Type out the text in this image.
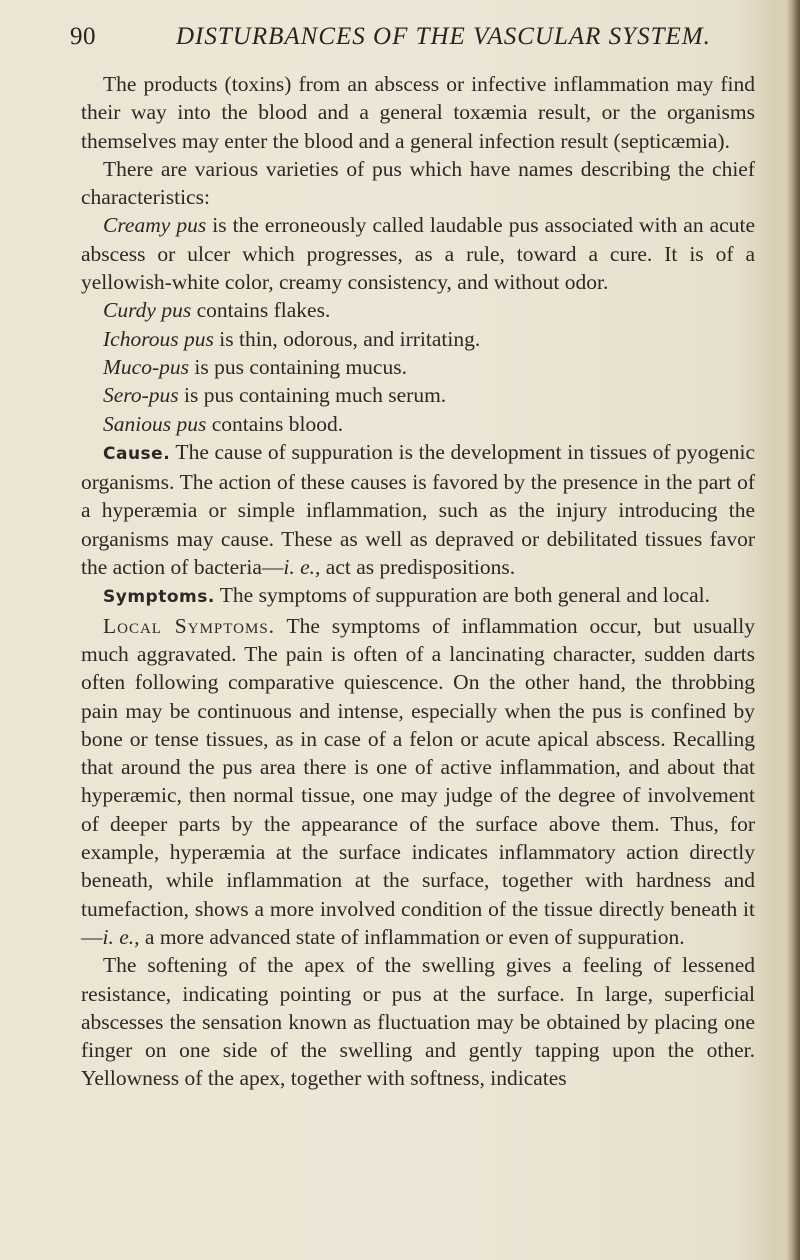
90	DISTURBANCES OF THE VASCULAR SYSTEM.

The products (toxins) from an abscess or infective inflammation may find their way into the blood and a general toxæmia result, or the organisms themselves may enter the blood and a general infection result (septicæmia).

There are various varieties of pus which have names describing the chief characteristics:

Creamy pus is the erroneously called laudable pus associated with an acute abscess or ulcer which progresses, as a rule, toward a cure. It is of a yellowish-white color, creamy consistency, and without odor.

Curdy pus contains flakes.

Ichorous pus is thin, odorous, and irritating.

Muco-pus is pus containing mucus.

Sero-pus is pus containing much serum.

Sanious pus contains blood.

Cause. The cause of suppuration is the development in tissues of pyogenic organisms. The action of these causes is favored by the presence in the part of a hyperæmia or simple inflammation, such as the injury introducing the organisms may cause. These as well as depraved or debilitated tissues favor the action of bacteria—i. e., act as predispositions.

Symptoms. The symptoms of suppuration are both general and local.

Local Symptoms. The symptoms of inflammation occur, but usually much aggravated. The pain is often of a lancinating character, sudden darts often following comparative quiescence. On the other hand, the throbbing pain may be continuous and intense, especially when the pus is confined by bone or tense tissues, as in case of a felon or acute apical abscess. Recalling that around the pus area there is one of active inflammation, and about that hyperæmic, then normal tissue, one may judge of the degree of involvement of deeper parts by the appearance of the surface above them. Thus, for example, hyperæmia at the surface indicates inflammatory action directly beneath, while inflammation at the surface, together with hardness and tumefaction, shows a more involved condition of the tissue directly beneath it—i. e., a more advanced state of inflammation or even of suppuration.

The softening of the apex of the swelling gives a feeling of lessened resistance, indicating pointing or pus at the surface. In large, superficial abscesses the sensation known as fluctuation may be obtained by placing one finger on one side of the swelling and gently tapping upon the other. Yellowness of the apex, together with softness, indicates
